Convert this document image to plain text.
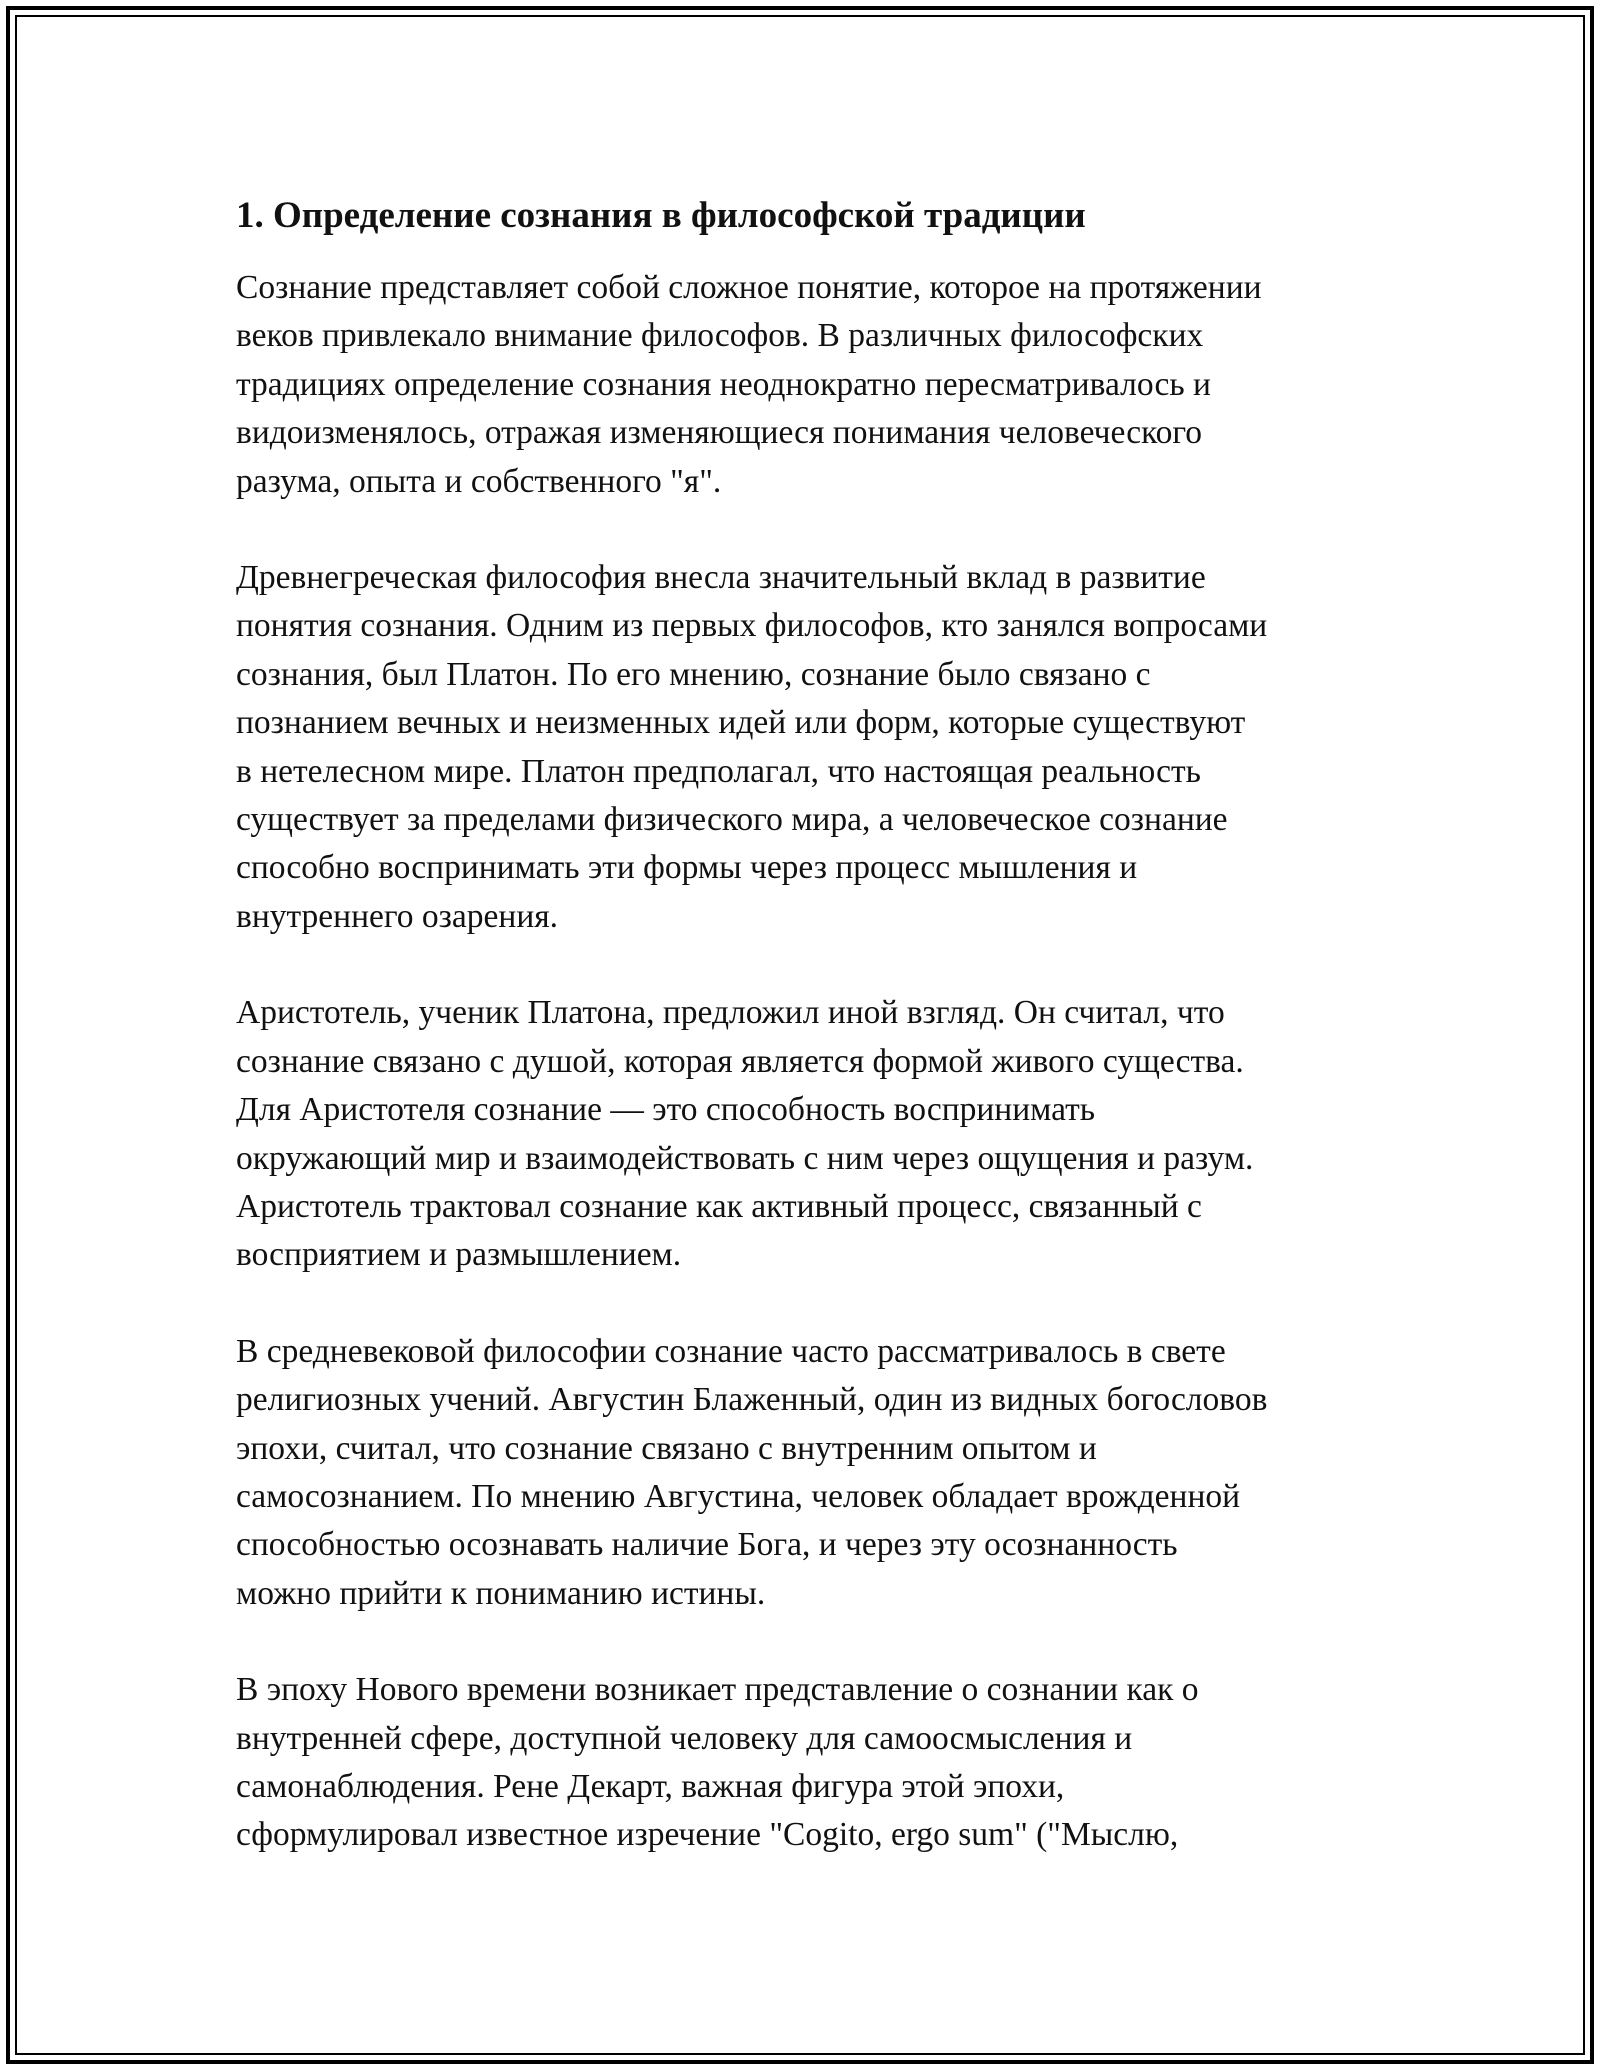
1. Определение сознания в философской традиции

Сознание представляет собой сложное понятие, которое на протяжении
веков привлекало внимание философов. В различных философских
традициях определение сознания неоднократно пересматривалось и
видоизменялось, отражая изменяющиеся понимания человеческого
разума, опыта и собственного "я".

Древнегреческая философия внесла значительный вклад в развитие
понятия сознания. Одним из первых философов, кто занялся вопросами
сознания, был Платон. По его мнению, сознание было связано с
познанием вечных и неизменных идей или форм, которые существуют
в нетелесном мире. Платон предполагал, что настоящая реальность
существует за пределами физического мира, а человеческое сознание
способно воспринимать эти формы через процесс мышления и
внутреннего озарения.

Аристотель, ученик Платона, предложил иной взгляд. Он считал, что
сознание связано с душой, которая является формой живого существа.
Для Аристотеля сознание — это способность воспринимать
окружающий мир и взаимодействовать с ним через ощущения и разум.
Аристотель трактовал сознание как активный процесс, связанный с
восприятием и размышлением.

В средневековой философии сознание часто рассматривалось в свете
религиозных учений. Августин Блаженный, один из видных богословов
эпохи, считал, что сознание связано с внутренним опытом и
самосознанием. По мнению Августина, человек обладает врожденной
способностью осознавать наличие Бога, и через эту осознанность
можно прийти к пониманию истины.

В эпоху Нового времени возникает представление о сознании как о
внутренней сфере, доступной человеку для самоосмысления и
самонаблюдения. Рене Декарт, важная фигура этой эпохи,
сформулировал известное изречение "Cogito, ergo sum" ("Мыслю,
